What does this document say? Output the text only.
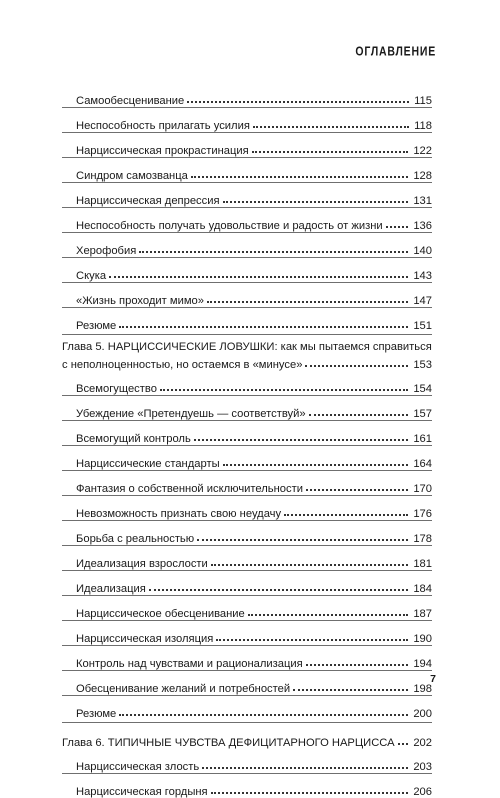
ОГЛАВЛЕНИЕ
Самообесценивание	115
Неспособность прилагать усилия	118
Нарциссическая прокрастинация	122
Синдром самозванца	128
Нарциссическая депрессия	131
Неспособность получать удовольствие и радость от жизни	136
Херофобия	140
Скука	143
«Жизнь проходит мимо»	147
Резюме	151
Глава 5. НАРЦИССИЧЕСКИЕ ЛОВУШКИ: как мы пытаемся справиться
с неполноценностью, но остаемся в «минусе»	153
Всемогущество	154
Убеждение «Претендуешь — соответствуй»	157
Всемогущий контроль	161
Нарциссические стандарты	164
Фантазия о собственной исключительности	170
Невозможность признать свою неудачу	176
Борьба с реальностью	178
Идеализация взрослости	181
Идеализация	184
Нарциссическое обесценивание	187
Нарциссическая изоляция	190
Контроль над чувствами и рационализация	194
Обесценивание желаний и потребностей	198
Резюме	200
Глава 6. ТИПИЧНЫЕ ЧУВСТВА ДЕФИЦИТАРНОГО НАРЦИССА	202
Нарциссическая злость	203
Нарциссическая гордыня	206
7
